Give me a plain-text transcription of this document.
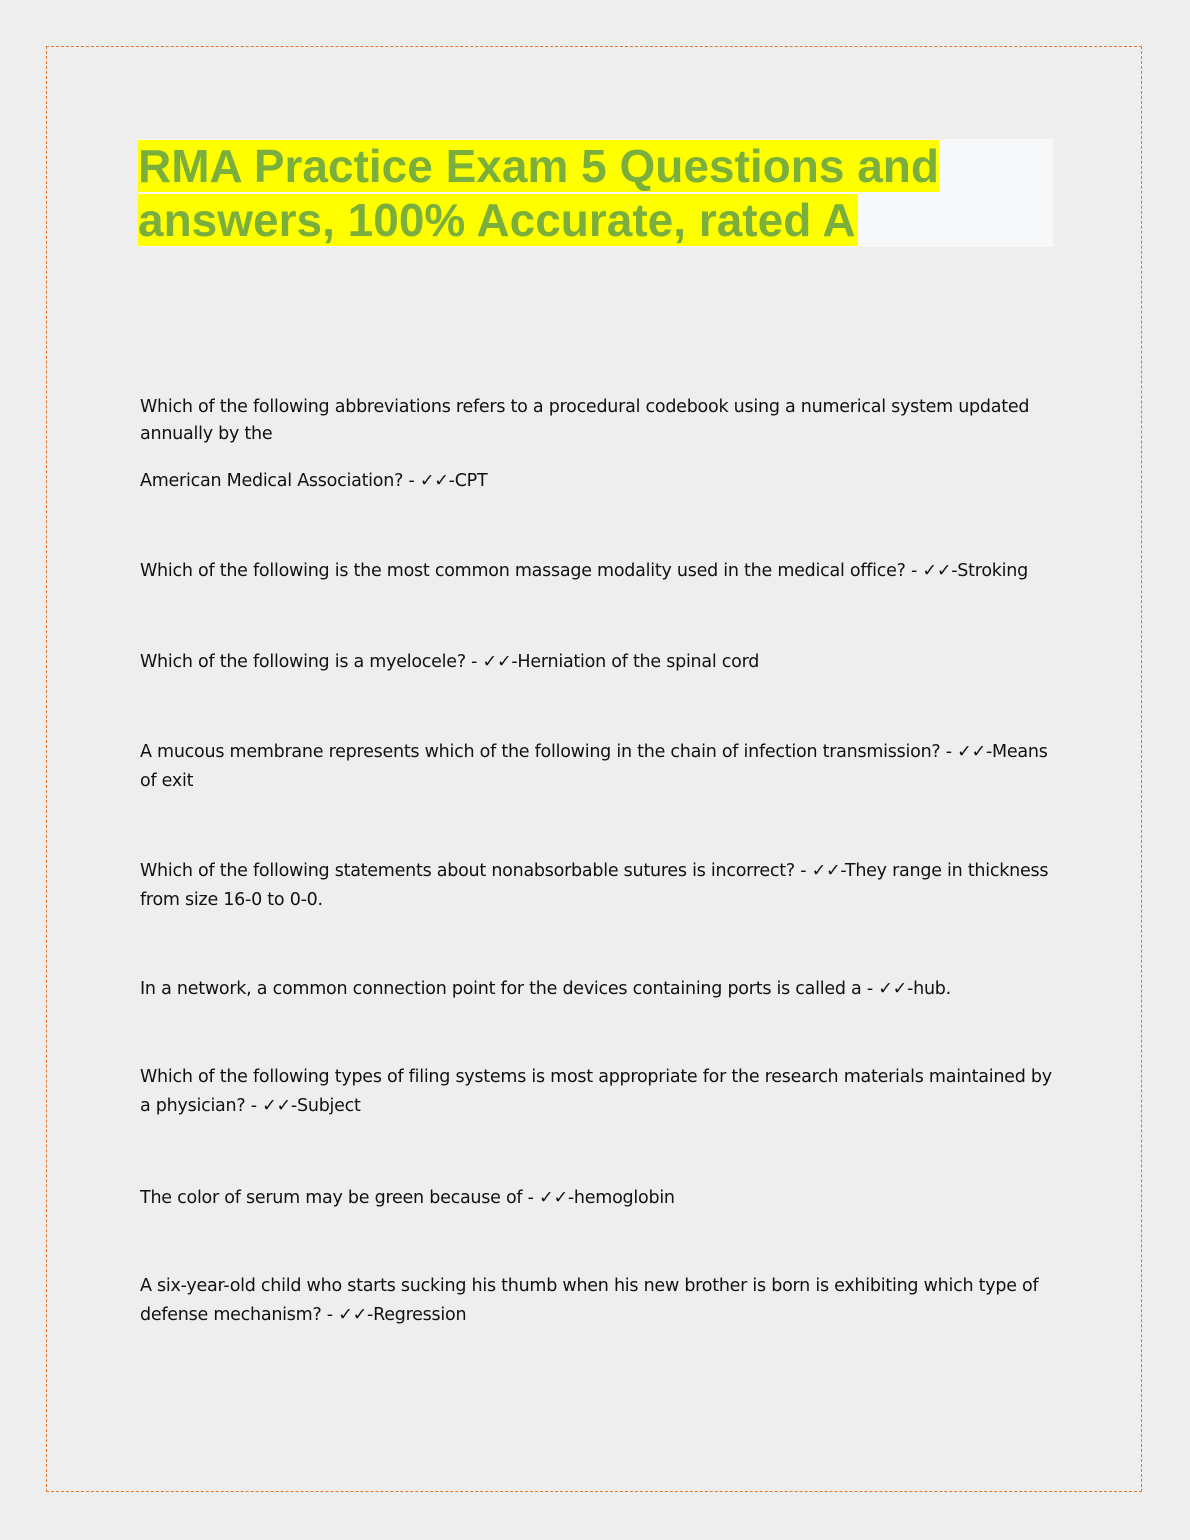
RMA Practice Exam 5 Questions and answers, 100% Accurate, rated A

Which of the following abbreviations refers to a procedural codebook using a numerical system updated annually by the

American Medical Association? - ✓✓-CPT

Which of the following is the most common massage modality used in the medical office? - ✓✓-Stroking

Which of the following is a myelocele? - ✓✓-Herniation of the spinal cord

A mucous membrane represents which of the following in the chain of infection transmission? - ✓✓-Means of exit

Which of the following statements about nonabsorbable sutures is incorrect? - ✓✓-They range in thickness from size 16-0 to 0-0.

In a network, a common connection point for the devices containing ports is called a - ✓✓-hub.

Which of the following types of filing systems is most appropriate for the research materials maintained by a physician? - ✓✓-Subject

The color of serum may be green because of - ✓✓-hemoglobin

A six-year-old child who starts sucking his thumb when his new brother is born is exhibiting which type of defense mechanism? - ✓✓-Regression
